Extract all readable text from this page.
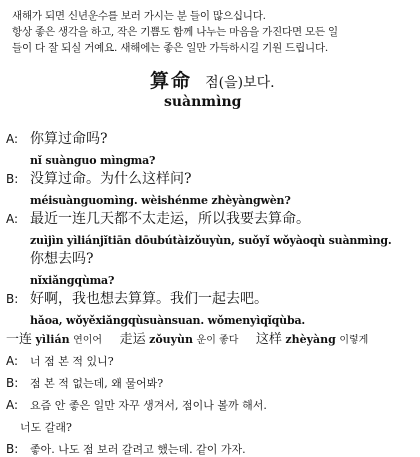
새해가 되면 신년운수를 보러 가시는 분 들이 많으십니다.
항상 좋은 생각을 하고, 작은 기쁨도 함께 나누는 마음을 가진다면 모든 일
들이 다 잘 되실 거예요. 새해에는 좋은 일만 가득하시길 기원 드립니다.
算命 점(을)보다.
suànmìng
A: 你算过命吗?
nǐ suànguo mìngma?
B: 没算过命。为什么这样问?
méisuànguomìng. wèishénme zhèyàngwèn?
A: 最近一连几天都不太走运，所以我要去算命。
zuìjìn yìliánjǐtiān dōubútàizǒuyùn, suǒyǐ wǒyàoqù suànmìng.
你想去吗?
nǐxiǎngqùma?
B: 好啊，我也想去算算。我们一起去吧。
hǎoa, wǒyěxiǎngqùsuànsuan. wǒmenyìqǐqùba.
一连 yìlián 연이어 走运 zǒuyùn 운이 좋다 这样 zhèyàng 이렇게
A: 너 점 본 적 있니?
B: 점 본 적 없는데, 왜 물어봐?
A: 요즘 안 좋은 일만 자꾸 생겨서, 점이나 볼까 해서.
너도 갈래?
B: 좋아. 나도 점 보러 갈려고 했는데. 같이 가자.
